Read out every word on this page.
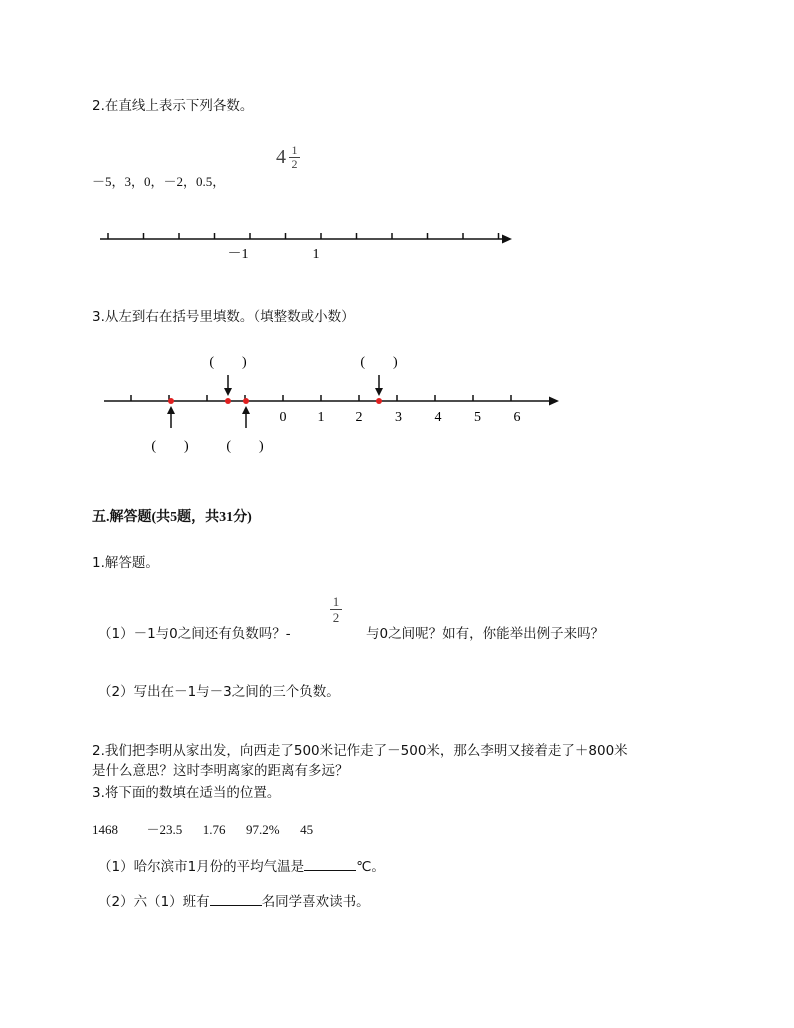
2.在直线上表示下列各数。
－5，3，0，－2，0.5，
4 1
2
－1	1
3.从左到右在括号里填数。（填整数或小数）
0 1 2 3 4 5 6
(        )	(        )
(        )	(        )
五.解答题(共5题，共31分)
1.解答题。
（1）－1与0之间还有负数吗？-
1
2
与0之间呢？如有，你能举出例子来吗？
（2）写出在－1与－3之间的三个负数。
2.我们把李明从家出发，向西走了500米记作走了－500米，那么李明又接着走了＋800米
是什么意思？这时李明离家的距离有多远？
3.将下面的数填在适当的位置。
1468 －23.5 1.76 97.2% 45
（1）哈尔滨市1月份的平均气温是	℃。
（2）六（1）班有	名同学喜欢读书。
